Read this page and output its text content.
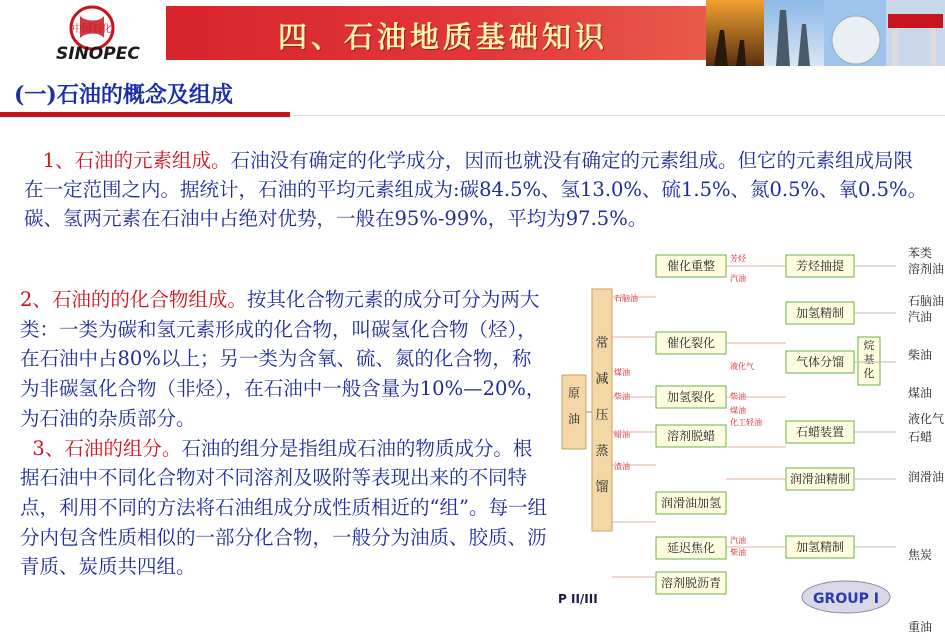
中国石化
SINOPEC	四、石油地质基础知识
(一)石油的概念及组成
1、石油的元素组成。石油没有确定的化学成分，因而也就没有确定的元素组成。但它的元素组成局限在一定范围之内。据统计，石油的平均元素组成为:碳84.5%、氢13.0%、硫1.5%、氮0.5%、氧0.5%。碳、氢两元素在石油中占绝对优势，一般在95%-99%，平均为97.5%。
2、石油的的化合物组成。按其化合物元素的成分可分为两大类：一类为碳和氢元素形成的化合物，叫碳氢化合物（烃），在石油中占80%以上；另一类为含氧、硫、氮的化合物，称为非碳氢化合物（非烃），在石油中一般含量为10%—20%，为石油的杂质部分。
3、石油的组分。石油的组分是指组成石油的物质成分。根据石油中不同化合物对不同溶剂及吸附等表现出来的不同特点，利用不同的方法将石油组成分成性质相近的“组”。每一组分内包含性质相似的一部分化合物，一般分为油质、胶质、沥青质、炭质共四组。
原油
常减压蒸馏
催化重整
催化裂化
加氢裂化
溶剂脱蜡
润滑油加氢
延迟焦化
溶剂脱沥青
芳烃抽提
加氢精制
气体分馏
石蜡装置
润滑油精制
加氢精制
苯类
溶剂油
石脑油
汽油
柴油
煤油
液化气
石蜡
润滑油
焦炭
重油
石脑油
煤油
柴油
蜡油
渣油
芳烃
汽油
液化气
柴油
煤油
化工轻油
汽油
柴油
烷基化
GROUP I
P II/III
